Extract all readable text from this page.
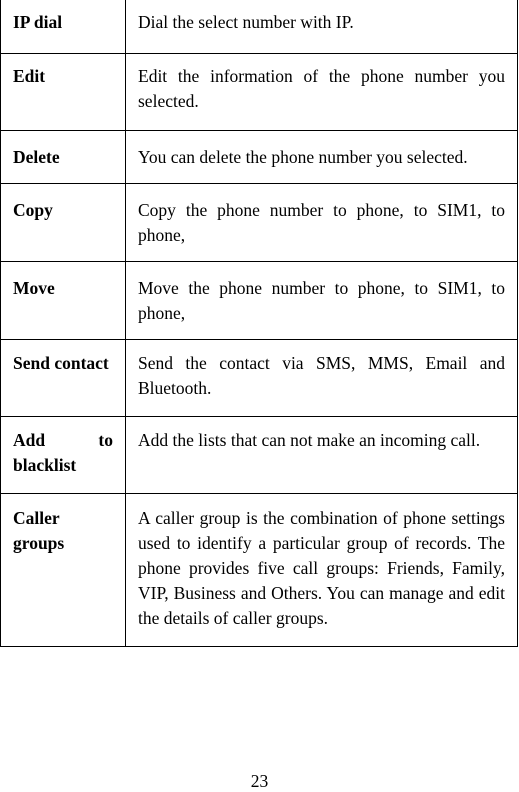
IP dial	Dial the select number with IP.
Edit	Edit the information of the phone number you selected.
Delete	You can delete the phone number you selected.
Copy	Copy the phone number to phone, to SIM1, to phone,
Move	Move the phone number to phone, to SIM1, to phone,
Send contact	Send the contact via SMS, MMS, Email and Bluetooth.
Add to blacklist	Add the lists that can not make an incoming call.
Caller groups	A caller group is the combination of phone settings used to identify a particular group of records. The phone provides five call groups: Friends, Family, VIP, Business and Others. You can manage and edit the details of caller groups.
23
